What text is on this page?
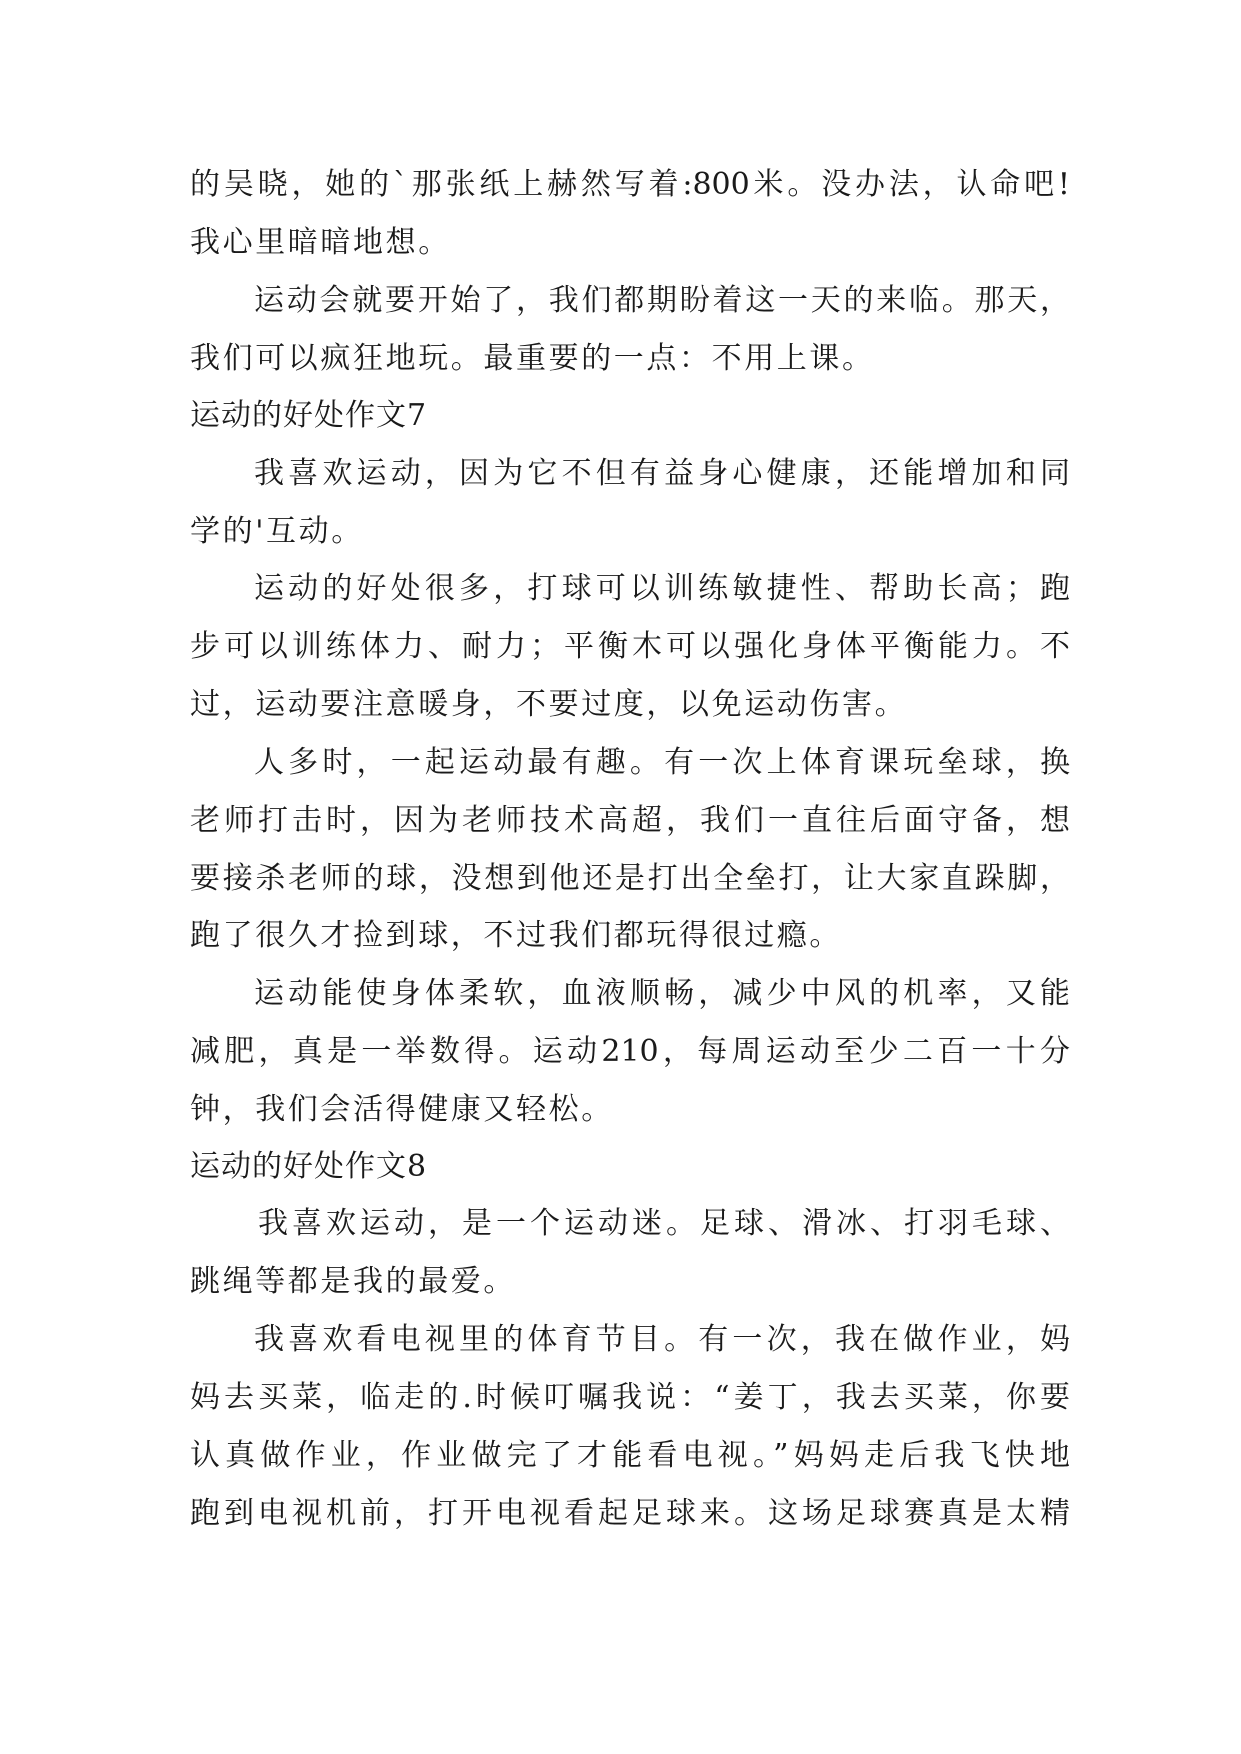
的吴晓，她的`那张纸上赫然写着:800米。没办法，认命吧!
我心里暗暗地想。
运动会就要开始了，我们都期盼着这一天的来临。那天，
我们可以疯狂地玩。最重要的一点：不用上课。
运动的好处作文7
我喜欢运动，因为它不但有益身心健康，还能增加和同
学的'互动。
运动的好处很多，打球可以训练敏捷性、帮助长高；跑
步可以训练体力、耐力；平衡木可以强化身体平衡能力。不
过，运动要注意暖身，不要过度，以免运动伤害。
人多时，一起运动最有趣。有一次上体育课玩垒球，换
老师打击时，因为老师技术高超，我们一直往后面守备，想
要接杀老师的球，没想到他还是打出全垒打，让大家直跺脚，
跑了很久才捡到球，不过我们都玩得很过瘾。
运动能使身体柔软，血液顺畅，减少中风的机率，又能
减肥，真是一举数得。运动210，每周运动至少二百一十分
钟，我们会活得健康又轻松。
运动的好处作文8
我喜欢运动，是一个运动迷。足球、滑冰、打羽毛球、
跳绳等都是我的最爱。
我喜欢看电视里的体育节目。有一次，我在做作业，妈
妈去买菜，临走的.时候叮嘱我说：“姜丁，我去买菜，你要
认真做作业，作业做完了才能看电视。”妈妈走后我飞快地
跑到电视机前，打开电视看起足球来。这场足球赛真是太精
